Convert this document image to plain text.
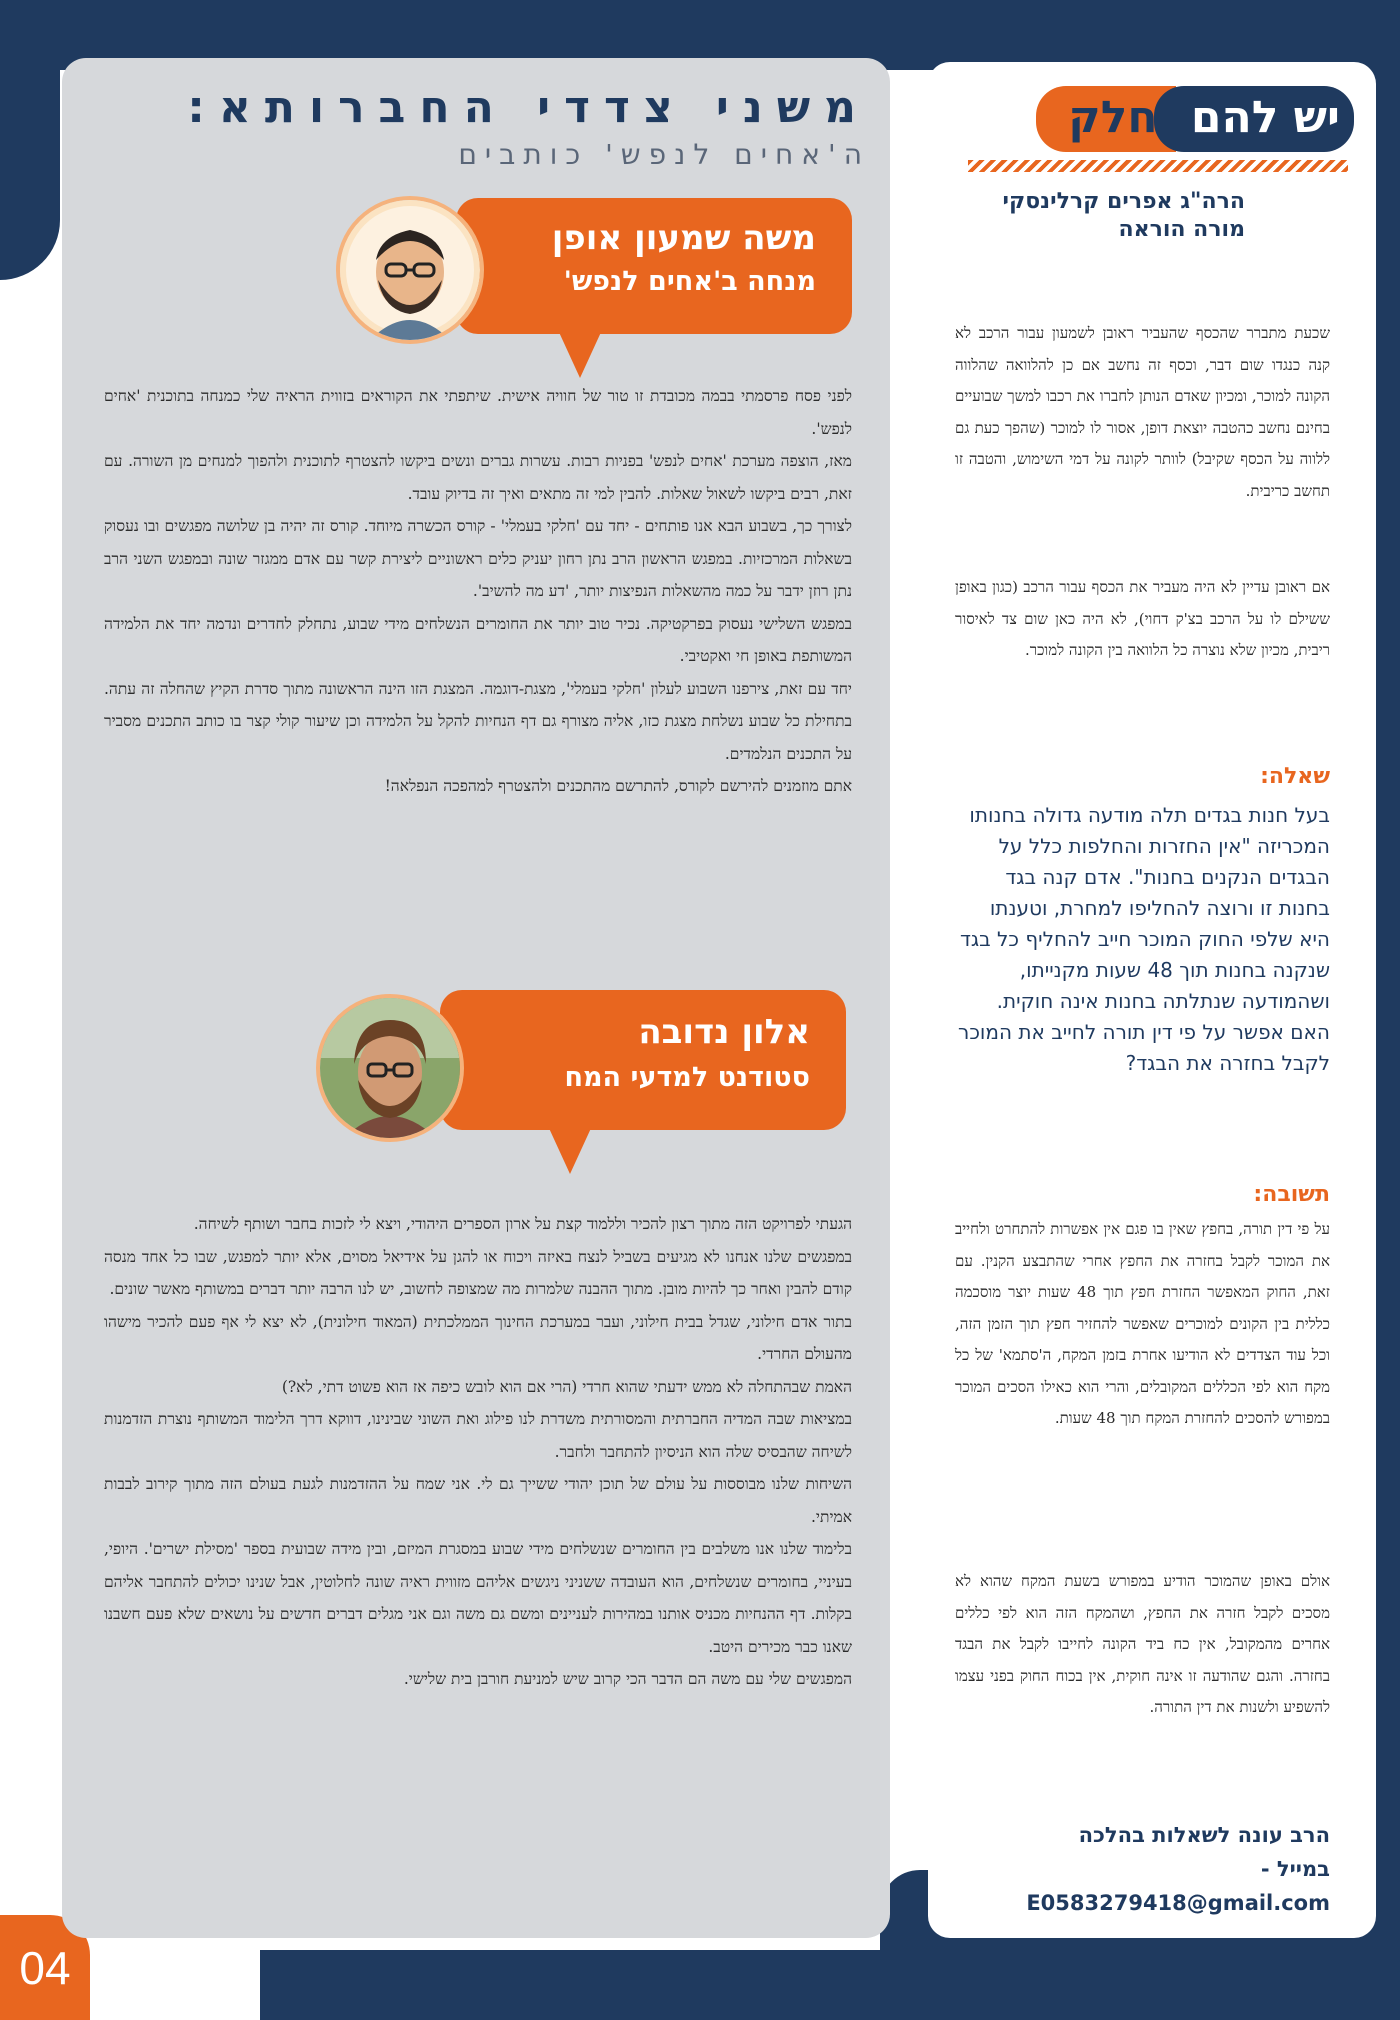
04
יש להם חלק
הרה"ג אפרים קרלינסקי
מורה הוראה
שכעת מתברר שהכסף שהעביר ראובן לשמעון עבור הרכב לא קנה כנגדו שום דבר, וכסף זה נחשב אם כן להלוואה שהלווה הקונה למוכר, ומכיון שאדם הנותן לחברו את רכבו למשך שבועיים בחינם נחשב כהטבה יוצאת דופן, אסור לו למוכר (שהפך כעת גם ללווה על הכסף שקיבל) לוותר לקונה על דמי השימוש, והטבה זו תחשב כריבית.
אם ראובן עדיין לא היה מעביר את הכסף עבור הרכב (כגון באופן ששילם לו על הרכב בצ'ק דחוי), לא היה כאן שום צד לאיסור ריבית, מכיון שלא נוצרה כל הלוואה בין הקונה למוכר.
שאלה:
בעל חנות בגדים תלה מודעה גדולה בחנותו המכריזה "אין החזרות והחלפות כלל על הבגדים הנקנים בחנות". אדם קנה בגד בחנות זו ורוצה להחליפו למחרת, וטענתו היא שלפי החוק המוכר חייב להחליף כל בגד שנקנה בחנות תוך 48 שעות מקנייתו, ושהמודעה שנתלתה בחנות אינה חוקית. האם אפשר על פי דין תורה לחייב את המוכר לקבל בחזרה את הבגד?
תשובה:
על פי דין תורה, בחפץ שאין בו פגם אין אפשרות להתחרט ולחייב את המוכר לקבל בחזרה את החפץ אחרי שהתבצע הקנין. עם זאת, החוק המאפשר החזרת חפץ תוך 48 שעות יוצר מוסכמה כללית בין הקונים למוכרים שאפשר להחזיר חפץ תוך הזמן הזה, וכל עוד הצדדים לא הודיעו אחרת בזמן המקח, ה'סתמא' של כל מקח הוא לפי הכללים המקובלים, והרי הוא כאילו הסכים המוכר במפורש להסכים להחזרת המקח תוך 48 שעות.
אולם באופן שהמוכר הודיע במפורש בשעת המקח שהוא לא מסכים לקבל חזרה את החפץ, ושהמקח הזה הוא לפי כללים אחרים מהמקובל, אין כח ביד הקונה לחייבו לקבל את הבגד בחזרה. והגם שהודעה זו אינה חוקית, אין בכוח החוק בפני עצמו להשפיע ולשנות את דין התורה.
הרב עונה לשאלות בהלכה
במייל - E0583279418@gmail.com
משני צדדי החברותא:
ה'אחים לנפש' כותבים
משה שמעון אופן
מנחה ב'אחים לנפש'

לפני פסח פרסמתי בבמה מכובדת זו טור של חוויה אישית. שיתפתי את הקוראים בזווית הראיה שלי כמנחה בתוכנית 'אחים לנפש'.

מאז, הוצפה מערכת 'אחים לנפש' בפניות רבות. עשרות גברים ונשים ביקשו להצטרף לתוכנית ולהפוך למנחים מן השורה. עם זאת, רבים ביקשו לשאול שאלות. להבין למי זה מתאים ואיך זה בדיוק עובד.

לצורך כך, בשבוע הבא אנו פותחים - יחד עם 'חלקי בעמלי' - קורס הכשרה מיוחד. קורס זה יהיה בן שלושה מפגשים ובו נעסוק בשאלות המרכזיות. במפגש הראשון הרב נתן רחון יעניק כלים ראשוניים ליצירת קשר עם אדם ממגזר שונה ובמפגש השני הרב נתן רוזן ידבר על כמה מהשאלות הנפיצות יותר, 'דע מה להשיב'.

במפגש השלישי נעסוק בפרקטיקה. נכיר טוב יותר את החומרים הנשלחים מידי שבוע, נתחלק לחדרים ונדמה יחד את הלמידה המשותפת באופן חי ואקטיבי.

יחד עם זאת, צירפנו השבוע לעלון 'חלקי בעמלי', מצגת-דוגמה. המצגת הזו הינה הראשונה מתוך סדרת הקיץ שהחלה זה עתה. בתחילת כל שבוע נשלחת מצגת כזו, אליה מצורף גם דף הנחיות להקל על הלמידה וכן שיעור קולי קצר בו כותב התכנים מסביר על התכנים הנלמדים.

אתם מוזמנים להירשם לקורס, להתרשם מהתכנים ולהצטרף למהפכה הנפלאה!

אלון נדובה
סטודנט למדעי המח

הגעתי לפרויקט הזה מתוך רצון להכיר וללמוד קצת על ארון הספרים היהודי, ויצא לי לזכות בחבר ושותף לשיחה.

במפגשים שלנו אנחנו לא מגיעים בשביל לנצח באיזה ויכוח או להגן על אידיאל מסוים, אלא יותר למפגש, שבו כל אחד מנסה קודם להבין ואחר כך להיות מובן. מתוך ההבנה שלמרות מה שמצופה לחשוב, יש לנו הרבה יותר דברים במשותף מאשר שונים.

בתור אדם חילוני, שגדל בבית חילוני, ועבר במערכת החינוך הממלכתית (המאוד חילונית), לא יצא לי אף פעם להכיר מישהו מהעולם החרדי.

האמת שבהתחלה לא ממש ידעתי שהוא חרדי (הרי אם הוא לובש כיפה אז הוא פשוט דתי, לא?)

במציאות שבה המדיה החברתית והמסורתית משדרת לנו פילוג ואת השוני שבינינו, דווקא דרך הלימוד המשותף נוצרת הזדמנות לשיחה שהבסיס שלה הוא הניסיון להתחבר ולחבר.

השיחות שלנו מבוססות על עולם של תוכן יהודי ששייך גם לי. אני שמח על ההזדמנות לגעת בעולם הזה מתוך קירוב לבבות אמיתי.

בלימוד שלנו אנו משלבים בין החומרים שנשלחים מידי שבוע במסגרת המיזם, ובין מידה שבועית בספר 'מסילת ישרים'. היופי, בעיניי, בחומרים שנשלחים, הוא העובדה ששניני ניגשים אליהם מזווית ראיה שונה לחלוטין, אבל שנינו יכולים להתחבר אליהם בקלות. דף ההנחיות מכניס אותנו במהירות לעניינים ומשם גם משה וגם אני מגלים דברים חדשים על נושאים שלא פעם חשבנו שאנו כבר מכירים היטב.

המפגשים שלי עם משה הם הדבר הכי קרוב שיש למניעת חורבן בית שלישי.
